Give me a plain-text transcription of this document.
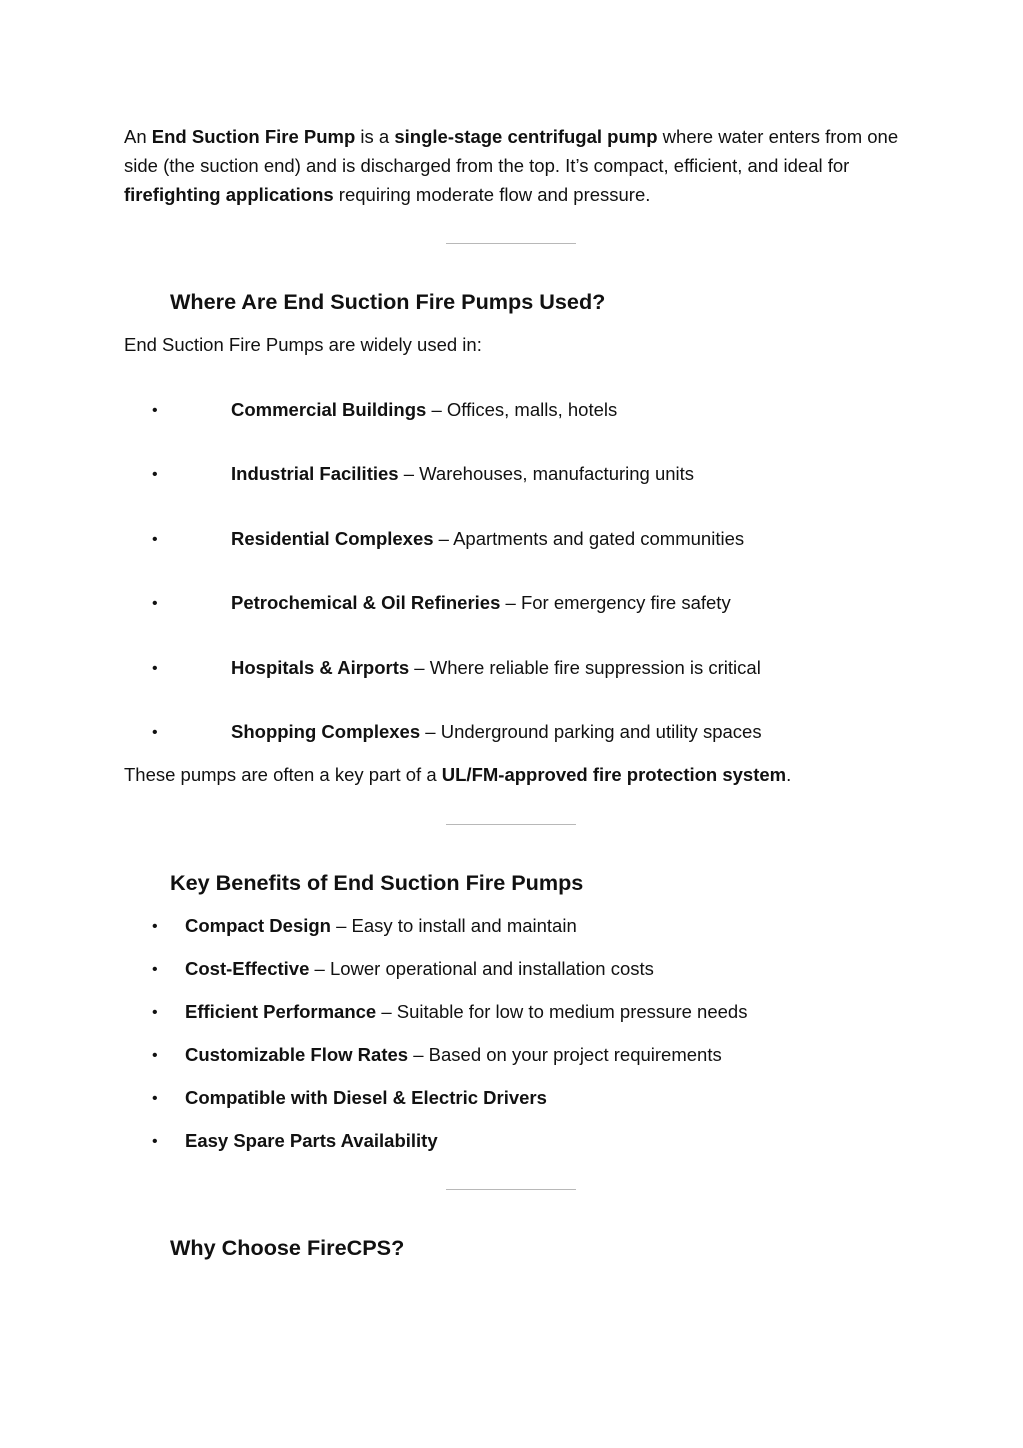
An End Suction Fire Pump is a single-stage centrifugal pump where water enters from one side (the suction end) and is discharged from the top. It’s compact, efficient, and ideal for firefighting applications requiring moderate flow and pressure.

Where Are End Suction Fire Pumps Used?

End Suction Fire Pumps are widely used in:

•	Commercial Buildings – Offices, malls, hotels

•	Industrial Facilities – Warehouses, manufacturing units

•	Residential Complexes – Apartments and gated communities

•	Petrochemical & Oil Refineries – For emergency fire safety

•	Hospitals & Airports – Where reliable fire suppression is critical

•	Shopping Complexes – Underground parking and utility spaces

These pumps are often a key part of a UL/FM-approved fire protection system.

Key Benefits of End Suction Fire Pumps
•	Compact Design – Easy to install and maintain

•	Cost-Effective – Lower operational and installation costs

•	Efficient Performance – Suitable for low to medium pressure needs

•	Customizable Flow Rates – Based on your project requirements

•	Compatible with Diesel & Electric Drivers

•	Easy Spare Parts Availability

Why Choose FireCPS?
